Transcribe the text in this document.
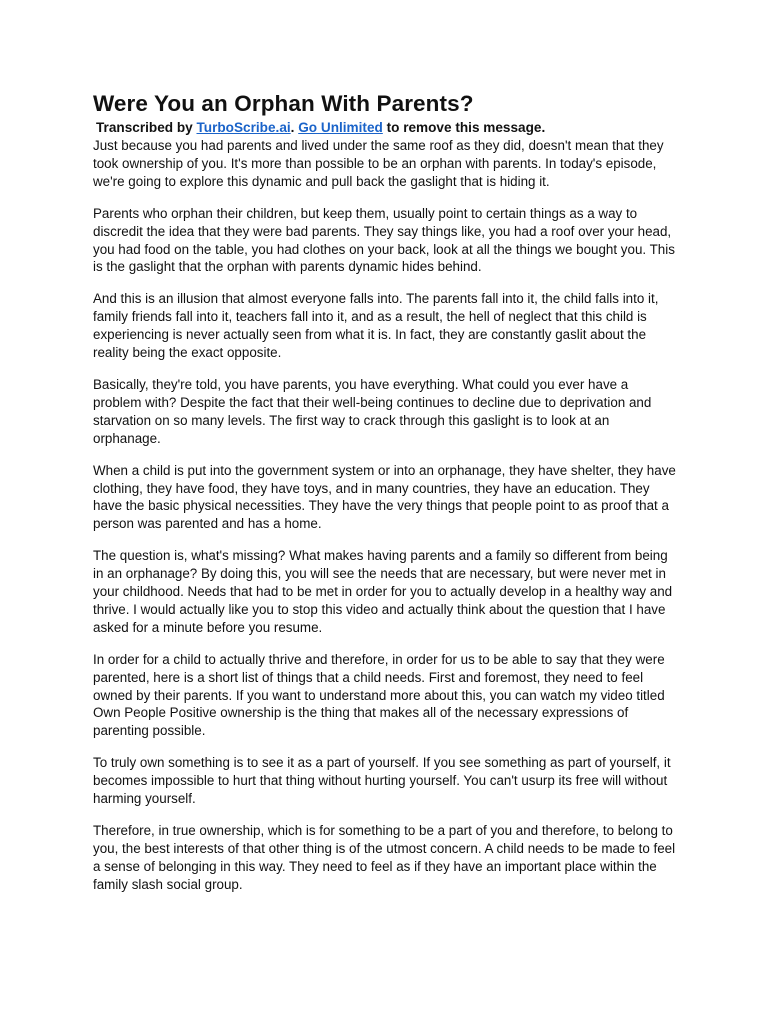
Were You an Orphan With Parents?
Transcribed by TurboScribe.ai. Go Unlimited to remove this message.

Just because you had parents and lived under the same roof as they did, doesn't mean that they took ownership of you. It's more than possible to be an orphan with parents. In today's episode, we're going to explore this dynamic and pull back the gaslight that is hiding it.

Parents who orphan their children, but keep them, usually point to certain things as a way to discredit the idea that they were bad parents. They say things like, you had a roof over your head, you had food on the table, you had clothes on your back, look at all the things we bought you. This is the gaslight that the orphan with parents dynamic hides behind.

And this is an illusion that almost everyone falls into. The parents fall into it, the child falls into it, family friends fall into it, teachers fall into it, and as a result, the hell of neglect that this child is experiencing is never actually seen from what it is. In fact, they are constantly gaslit about the reality being the exact opposite.

Basically, they're told, you have parents, you have everything. What could you ever have a problem with? Despite the fact that their well-being continues to decline due to deprivation and starvation on so many levels. The first way to crack through this gaslight is to look at an orphanage.

When a child is put into the government system or into an orphanage, they have shelter, they have clothing, they have food, they have toys, and in many countries, they have an education. They have the basic physical necessities. They have the very things that people point to as proof that a person was parented and has a home.

The question is, what's missing? What makes having parents and a family so different from being in an orphanage? By doing this, you will see the needs that are necessary, but were never met in your childhood. Needs that had to be met in order for you to actually develop in a healthy way and thrive. I would actually like you to stop this video and actually think about the question that I have asked for a minute before you resume.

In order for a child to actually thrive and therefore, in order for us to be able to say that they were parented, here is a short list of things that a child needs. First and foremost, they need to feel owned by their parents. If you want to understand more about this, you can watch my video titled Own People Positive ownership is the thing that makes all of the necessary expressions of parenting possible.

To truly own something is to see it as a part of yourself. If you see something as part of yourself, it becomes impossible to hurt that thing without hurting yourself. You can't usurp its free will without harming yourself.

Therefore, in true ownership, which is for something to be a part of you and therefore, to belong to you, the best interests of that other thing is of the utmost concern. A child needs to be made to feel a sense of belonging in this way. They need to feel as if they have an important place within the family slash social group.
